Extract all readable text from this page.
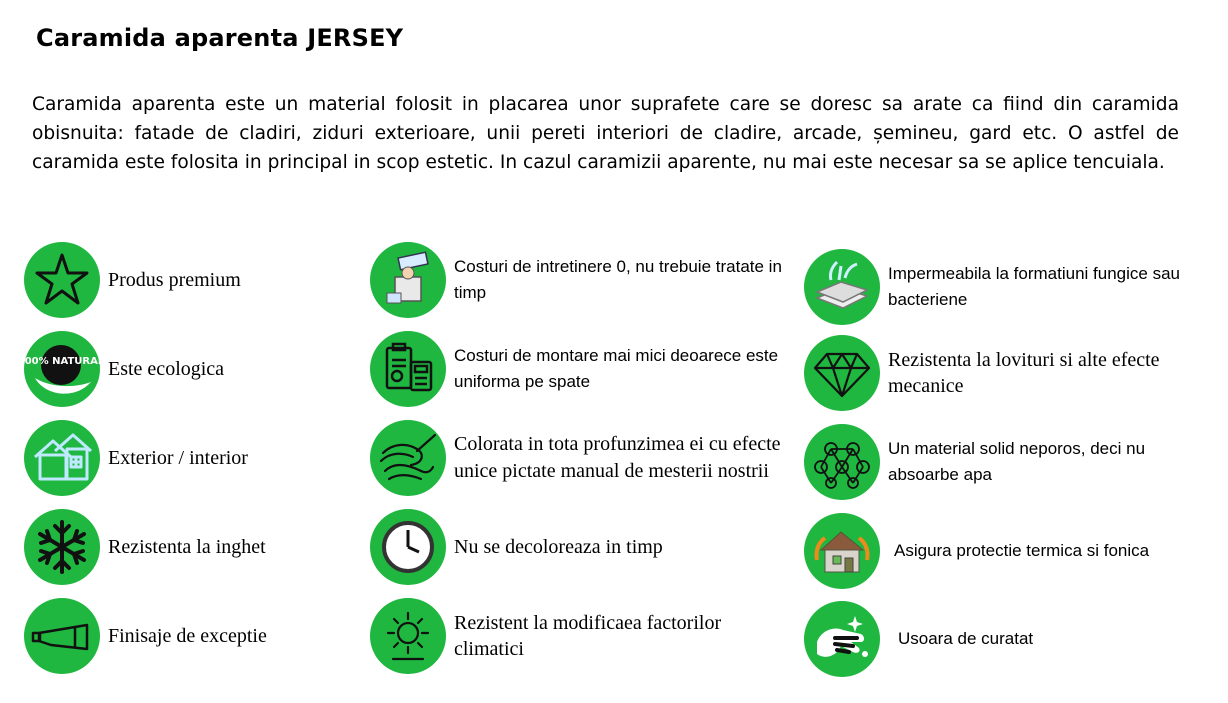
Caramida aparenta JERSEY
Caramida aparenta este un material folosit in placarea unor suprafete care se doresc sa arate ca fiind din caramida obisnuita: fatade de cladiri, ziduri exterioare, unii pereti interiori de cladire, arcade, șemineu, gard etc. O astfel de caramida este folosita in principal in scop estetic. In cazul caramizii aparente, nu mai este necesar sa se aplice tencuiala.
Produs premium
100% NATURAL Este ecologica
Exterior / interior
Rezistenta la inghet
Finisaje de exceptie
Costuri de intretinere 0, nu trebuie tratate in timp
Costuri de montare mai mici deoarece este uniforma pe spate
Colorata in tota profunzimea ei cu efecte unice pictate manual de mesterii nostrii
Nu se decoloreaza in timp
Rezistent la modificaea factorilor climatici
Impermeabila la formatiuni fungice sau bacteriene
Rezistenta la lovituri si alte efecte mecanice
Un material solid neporos, deci nu absoarbe apa
Asigura protectie termica si fonica
Usoara de curatat
